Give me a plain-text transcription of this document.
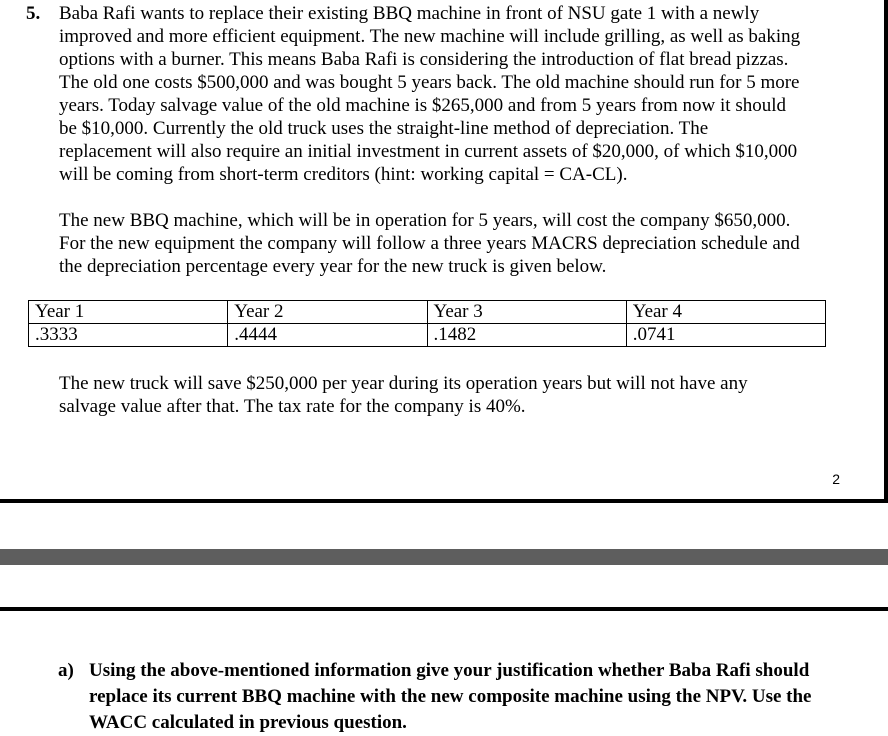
5. Baba Rafi wants to replace their existing BBQ machine in front of NSU gate 1 with a newly
improved and more efficient equipment. The new machine will include grilling, as well as baking
options with a burner. This means Baba Rafi is considering the introduction of flat bread pizzas.
The old one costs $500,000 and was bought 5 years back. The old machine should run for 5 more
years. Today salvage value of the old machine is $265,000 and from 5 years from now it should
be $10,000. Currently the old truck uses the straight-line method of depreciation. The
replacement will also require an initial investment in current assets of $20,000, of which $10,000
will be coming from short-term creditors (hint: working capital = CA-CL).

The new BBQ machine, which will be in operation for 5 years, will cost the company $650,000.
For the new equipment the company will follow a three years MACRS depreciation schedule and
the depreciation percentage every year for the new truck is given below.

Year 1	Year 2	Year 3	Year 4
.3333	.4444	.1482	.0741

The new truck will save $250,000 per year during its operation years but will not have any
salvage value after that. The tax rate for the company is 40%.

2
a) Using the above-mentioned information give your justification whether Baba Rafi should
replace its current BBQ machine with the new composite machine using the NPV. Use the
WACC calculated in previous question.
